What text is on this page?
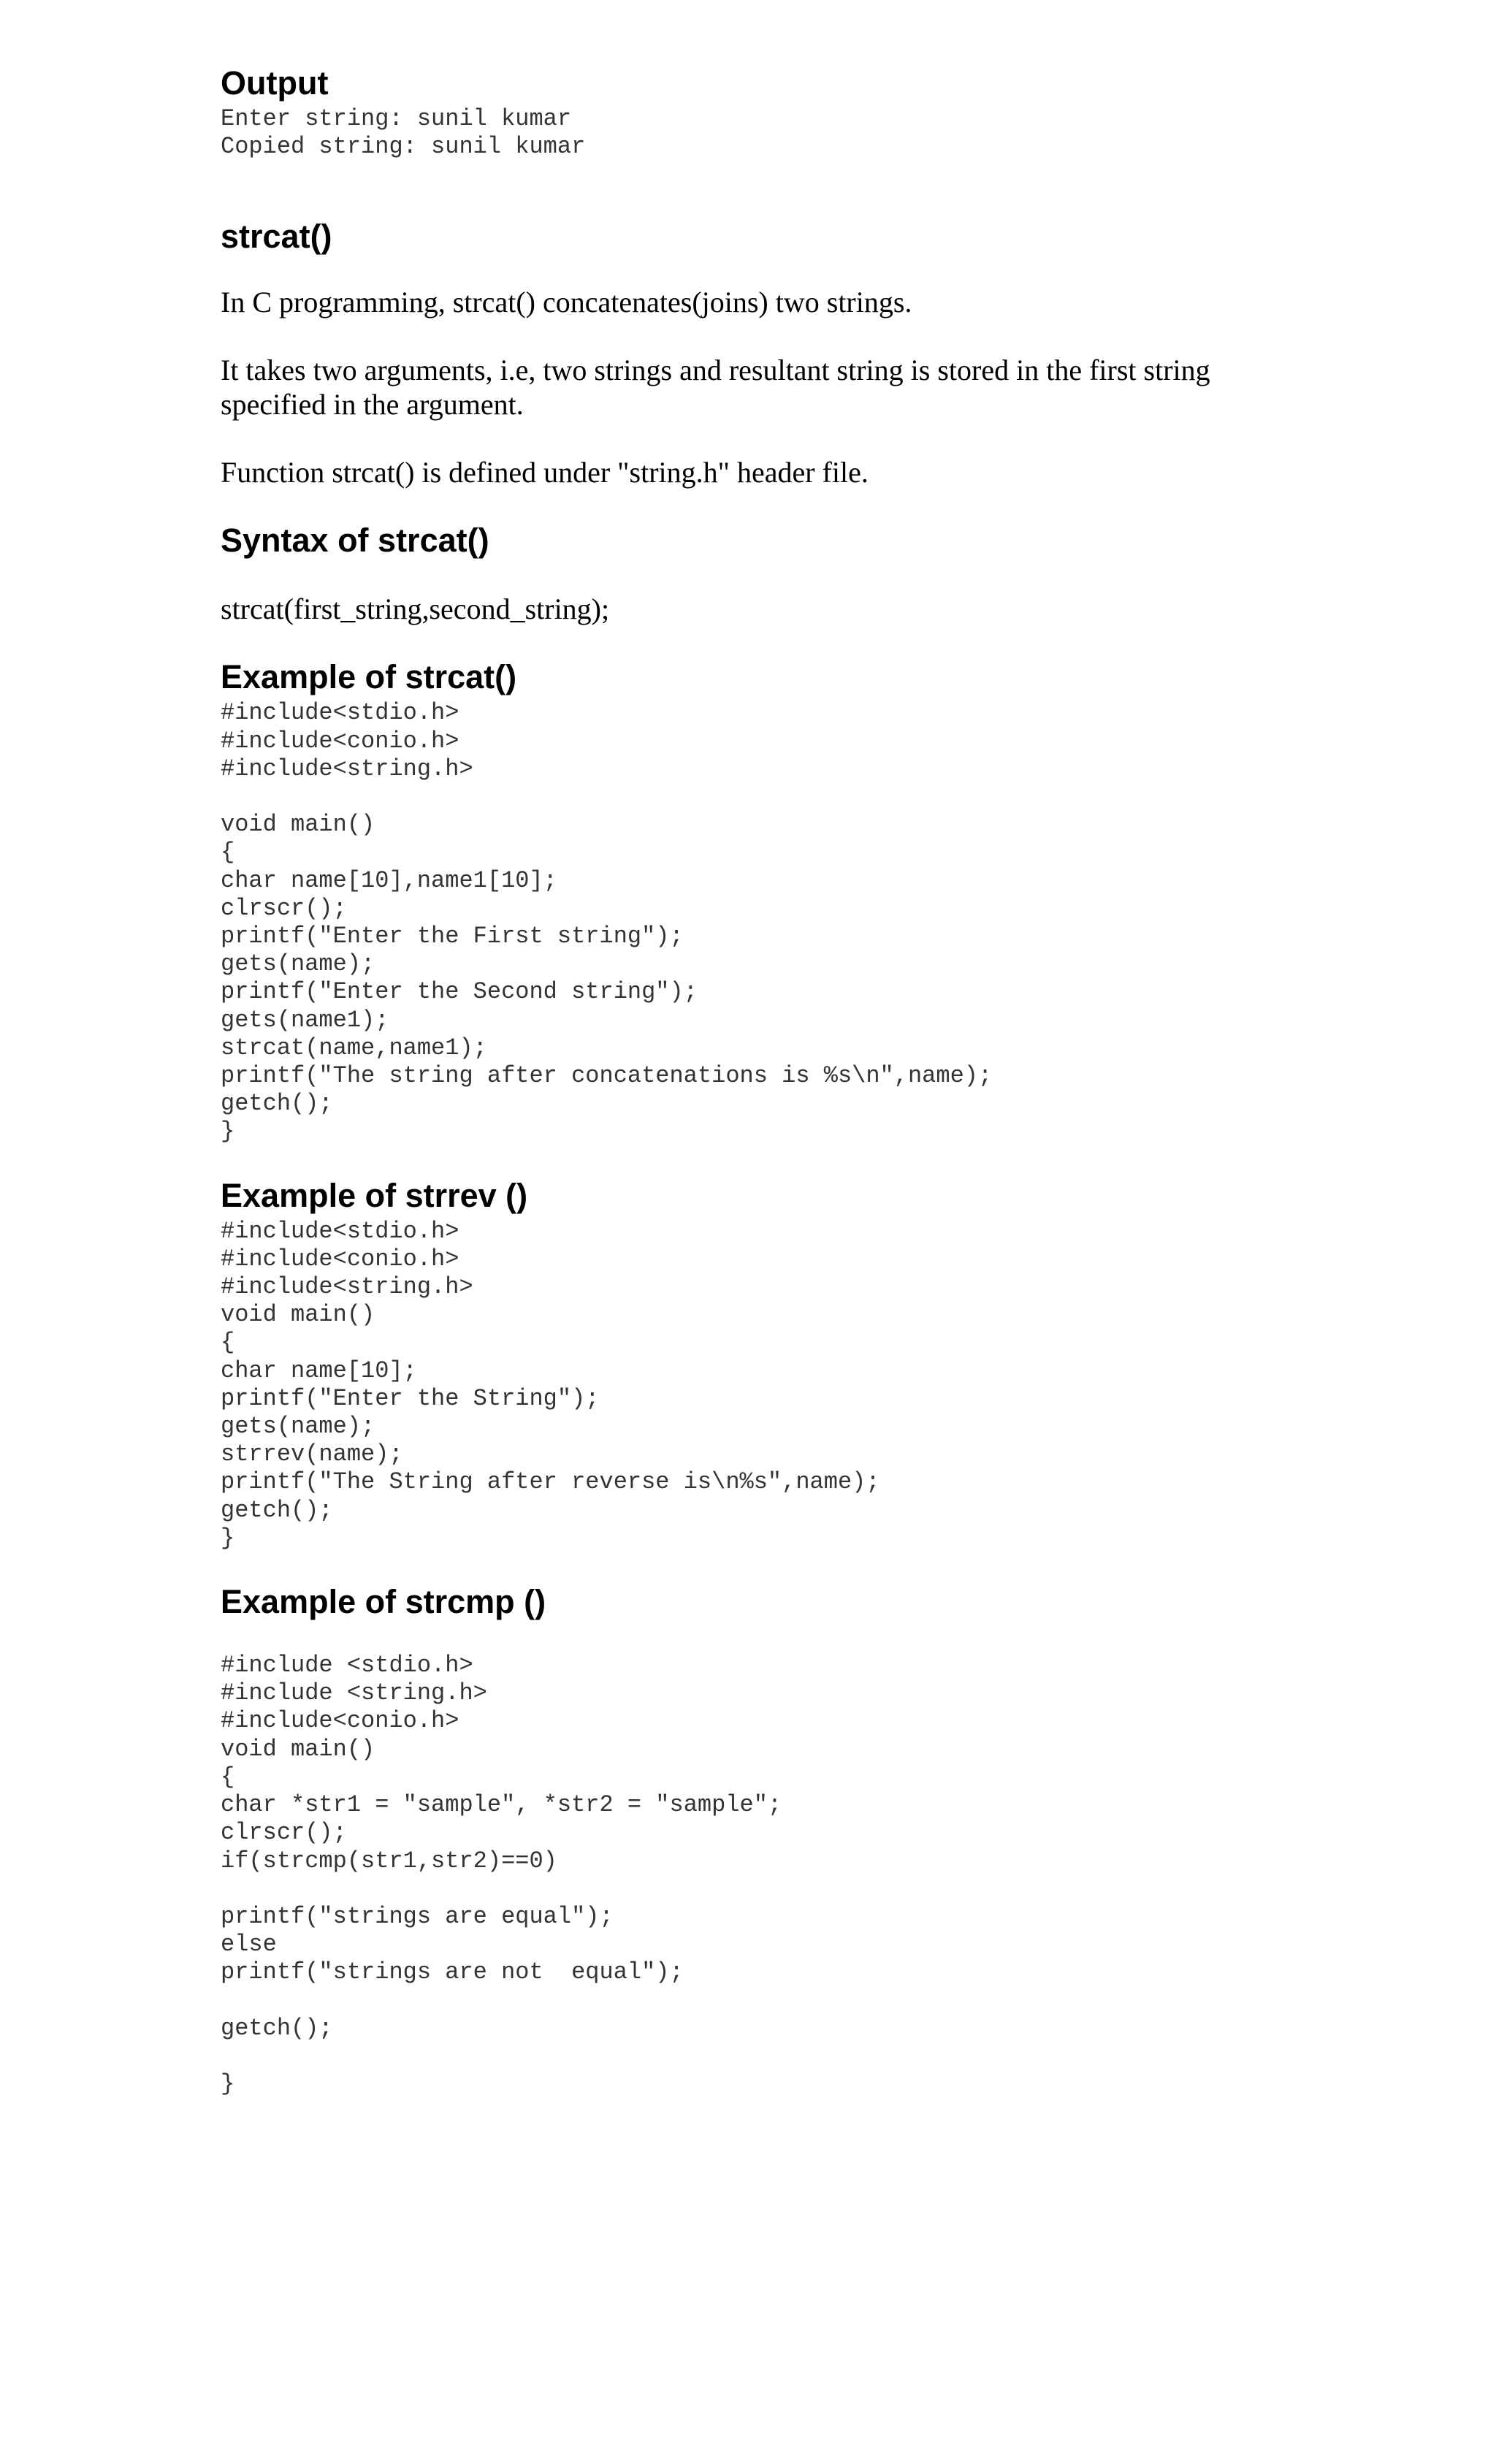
Output
Enter string: sunil kumar
Copied string: sunil kumar
strcat()

In C programming, strcat() concatenates(joins) two strings.

It takes two arguments, i.e, two strings and resultant string is stored in the first string specified in the argument.

Function strcat() is defined under "string.h" header file.

Syntax of strcat()

strcat(first_string,second_string);

Example of strcat()
#include<stdio.h>
#include<conio.h>
#include<string.h>
void main()
{
char name[10],name1[10];
clrscr();
printf("Enter the First string");
gets(name);
printf("Enter the Second string");
gets(name1);
strcat(name,name1);
printf("The string after concatenations is %s\n",name);
getch();
}
Example of strrev ()
#include<stdio.h>
#include<conio.h>
#include<string.h>
void main()
{
char name[10];
printf("Enter the String");
gets(name);
strrev(name);
printf("The String after reverse is\n%s",name);
getch();
}
Example of strcmp ()
#include <stdio.h>
#include <string.h>
#include<conio.h>
void main()
{
char *str1 = "sample", *str2 = "sample";
clrscr();
if(strcmp(str1,str2)==0)
printf("strings are equal");
else
printf("strings are not  equal");
getch();
}
